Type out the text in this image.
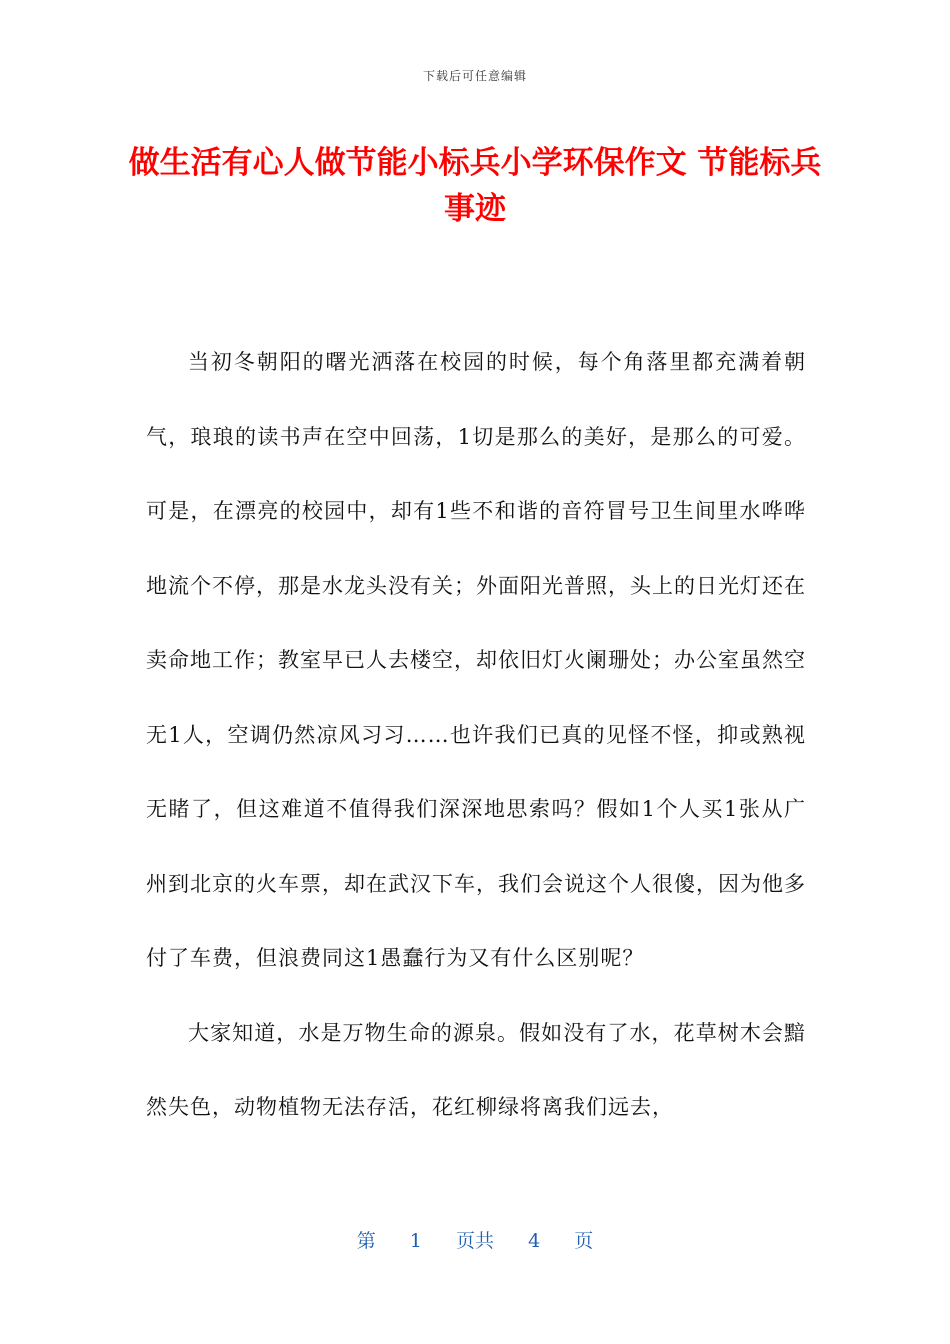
下载后可任意编辑
做生活有心人做节能小标兵小学环保作文 节能标兵事迹

当初冬朝阳的曙光洒落在校园的时候，每个角落里都充满着朝气，琅琅的读书声在空中回荡，1切是那么的美好，是那么的可爱。可是，在漂亮的校园中，却有1些不和谐的音符冒号卫生间里水哗哗地流个不停，那是水龙头没有关；外面阳光普照，头上的日光灯还在卖命地工作；教室早已人去楼空，却依旧灯火阑珊处；办公室虽然空无1人，空调仍然凉风习习……也许我们已真的见怪不怪，抑或熟视无睹了，但这难道不值得我们深深地思索吗？假如1个人买1张从广州到北京的火车票，却在武汉下车，我们会说这个人很傻，因为他多付了车费，但浪费同这1愚蠢行为又有什么区别呢？

大家知道，水是万物生命的源泉。假如没有了水，花草树木会黯然失色，动物植物无法存活，花红柳绿将离我们远去，

第 1 页共 4 页
